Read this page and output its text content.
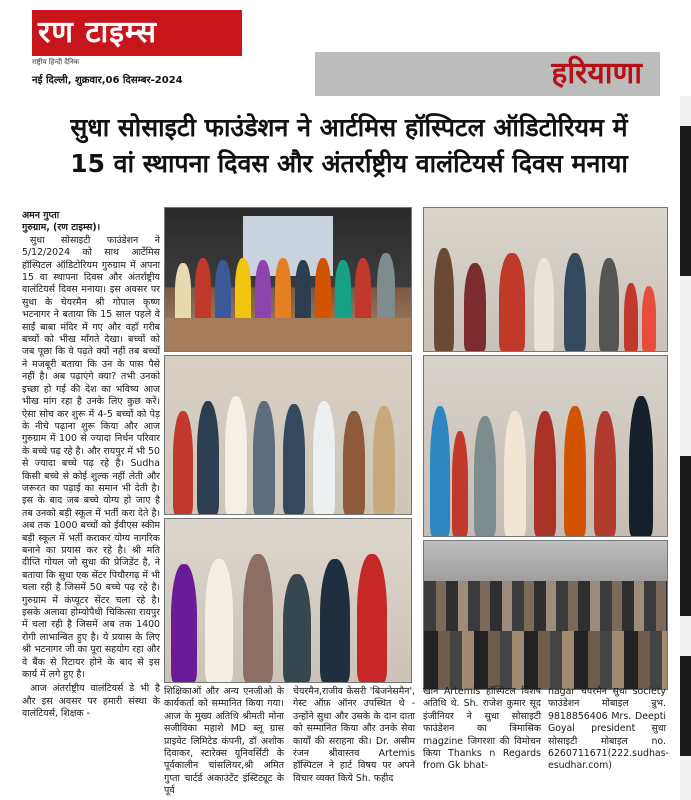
रण टाइम्स
राष्ट्रीय हिन्दी दैनिक
नई दिल्ली, शुक्रवार,06 दिसम्बर-2024	हरियाणा
सुधा सोसाइटी फाउंडेशन ने आर्टमिस हॉस्पिटल ऑडिटोरियम में
15 वां स्थापना दिवस और अंतर्राष्ट्रीय वालंटियर्स दिवस मनाया
अमन गुप्ता
गुरुग्राम, (रण टाइम्स)।

सुधा सोसाइटी फाउंडेशन ने 5/12/2024 को साथ आर्टेमिस हॉस्पिटल ऑडिटोरियम गुरुग्राम में अपना 15 वा स्थापना दिवस और अंतर्राष्ट्रीय वालंटियर्स दिवस मनाया। इस अवसर पर सुधा के चेयरमैन श्री गोपाल कृष्ण भटनागर ने बताया कि 15 साल पहले वे साईं बाबा मंदिर में गए और वहाँ गरीब बच्चों को भीख माँगते देखा। बच्चों को जब पूछा कि वे पढ़ते क्यों नहीं तब बच्चों ने मजबूरी बताया कि उन के पास पैसे नहीं है। अब पढ़ाएंगे क्या? तभी उनको इच्छा हो गई की देश का भविष्य आज भीख मांग रहा है उनके लिए कुछ करें। ऐसा सोच कर शुरू में 4-5 बच्चों को पेड़ के नीचे पढ़ाना शुरू किया और आज गुरुग्राम में 100 से ज्यादा निर्धन परिवार के बच्चे पढ़ रहे है। और रायपुर में भी 50 से ज्यादा बच्चे पढ़ रहे है। Sudha किसी बच्चे से कोई शुल्क नहीं लेती और जरूरत का पढ़ाई का समान भी देती है। इस के बाद जब बच्चे योग्य हो जाए है तब उनको बड़ी स्कूल में भर्ती करा देते है। अब तक 1000 बच्चों को ईवीएस स्कीम बड़ी स्कूल में भर्ती कराकर योग्य नागरिक बनाने का प्रयास कर रहे है। श्री मति दीप्ति गोयल जो सुधा की प्रेजिडेंट है, ने बताया कि सुधा एक सेंटर पियौरगढ़ में भी चला रही है जिसमें 50 बच्चे पढ़ रहे है। गुरुग्राम में कंप्यूटर सेंटर चला रहे है। इसके अलावा होम्योपैथी चिकित्सा रायपुर में चला रही है जिसमें अब तक 1400 रोगी लाभान्वित हुए है। ये प्रयास के लिए श्री भटनागर जी का पूरा सहयोग रहा और वे बैंक से रिटायर होने के बाद से इस कार्य में लगे हुए है।

आज अंतर्राष्ट्रीय वालंटियर्स डे भी है और इस अवसर पर हमारी संस्था के वालंटियर्स, शिक्षक -

शिक्षिकाओं और अन्य एनजीओ के कार्यकर्ता को सम्मानित किया गया। आज के मुख्य अतिथि श्रीमती मोना सजीविका महाशे MD ब्लू ग्रास प्राइवेट लिमिटेड कंपनी, डॉ अशोक दिवाकर, स्टारेक्स यूनिवर्सिटी के पूर्वकालीन चांसलियर,श्री अमित गुप्ता चार्टर्ड अकाउंटेंट इंस्टिट्यूट के पूर्व
चेयरमैन,राजीव केसरी 'बिजनेसमैन', गेस्ट ऑफ़ ऑनर उपस्थित थे - उन्होंने सुधा और उसके के दान दाता को सम्मानित किया और उनके सेवा कार्यों की सराहना की। Dr. असीम रंजन श्रीवास्तव Artemis हॉस्पिटल ने हार्ट विषय पर अपने विचार व्यक्त किये Sh. फहीद
खान Artemis हॉस्पिटल विशेष अतिथि थे. Sh. राजेश कुमार सूद इंजीनियर ने सुधा सोसाइटी फाउंडेशन का त्रिमासिक magzine जिगरशा की विमोचन किया Thanks n Regards from Gk bhat-
nagar चेयरमैन सुधा society फाउंडेशन मोबाइल न्रुभ. 9818856406 Mrs. Deepti Goyal president सुधा सोसाइटी मोबाइल no. 6260711671(222.sudhas-esudhar.com)
